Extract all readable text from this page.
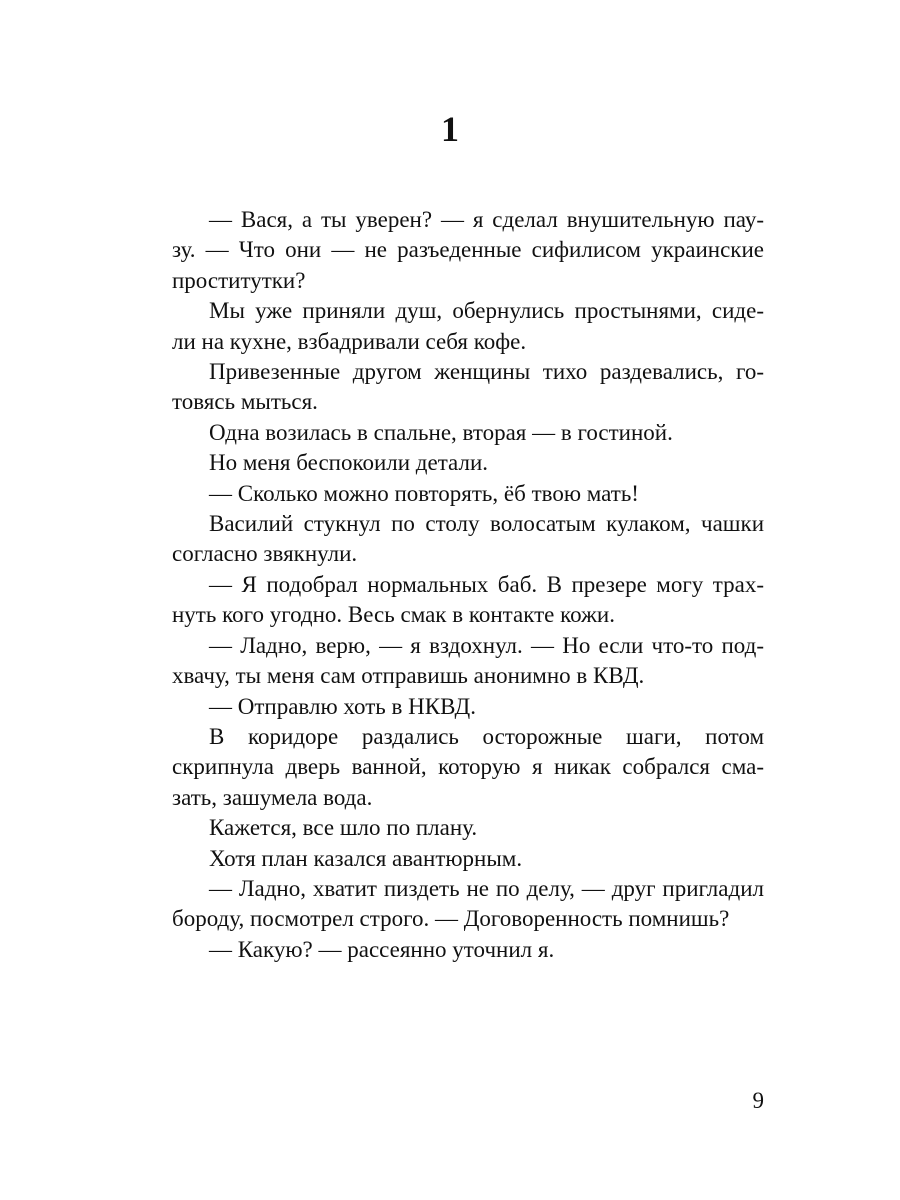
1
— Вася, а ты уверен? — я сделал внушительную пау-
зу. — Что они — не разъеденные сифилисом украинские
проститутки?
Мы уже приняли душ, обернулись простынями, сиде-
ли на кухне, взбадривали себя кофе.
Привезенные другом женщины тихо раздевались, го-
товясь мыться.
Одна возилась в спальне, вторая — в гостиной.
Но меня беспокоили детали.
— Сколько можно повторять, ёб твою мать!
Василий стукнул по столу волосатым кулаком, чашки
согласно звякнули.
— Я подобрал нормальных баб. В презере могу трах-
нуть кого угодно. Весь смак в контакте кожи.
— Ладно, верю, — я вздохнул. — Но если что-то под-
хвачу, ты меня сам отправишь анонимно в КВД.
— Отправлю хоть в НКВД.
В коридоре раздались осторожные шаги, потом
скрипнула дверь ванной, которую я никак собрался сма-
зать, зашумела вода.
Кажется, все шло по плану.
Хотя план казался авантюрным.
— Ладно, хватит пиздеть не по делу, — друг пригладил
бороду, посмотрел строго. — Договоренность помнишь?
— Какую? — рассеянно уточнил я.
9
